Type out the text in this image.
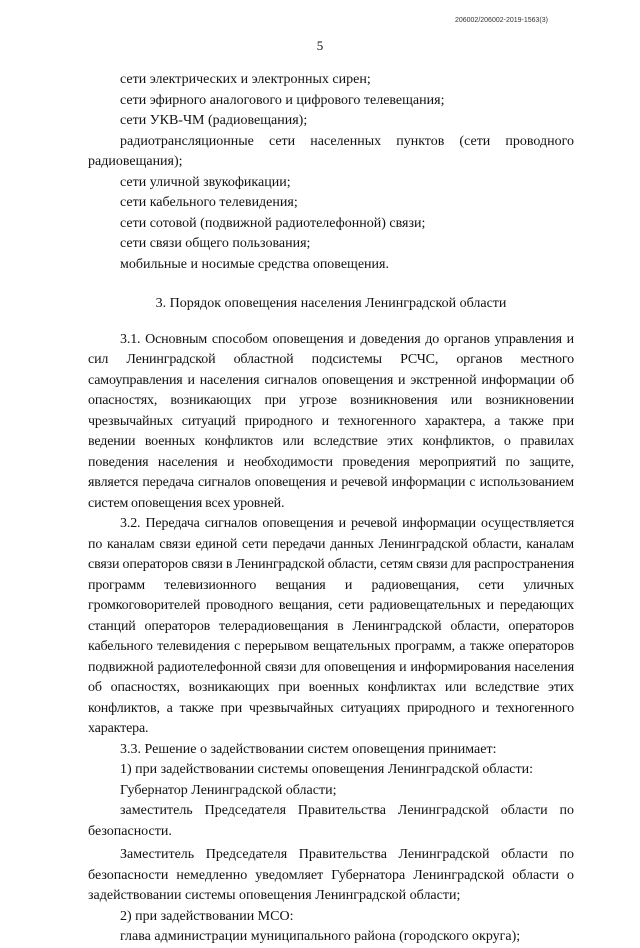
206002/206002-2019-1563(3)
5

сети электрических и электронных сирен;

сети эфирного аналогового и цифрового телевещания;

сети УКВ-ЧМ (радиовещания);

радиотрансляционные сети населенных пунктов (сети проводного радиовещания);

сети уличной звукофикации;

сети кабельного телевидения;

сети сотовой (подвижной радиотелефонной) связи;

сети связи общего пользования;

мобильные и носимые средства оповещения.

3. Порядок оповещения населения Ленинградской области

3.1. Основным способом оповещения и доведения до органов управления и сил Ленинградской областной подсистемы РСЧС, органов местного самоуправления и населения сигналов оповещения и экстренной информации об опасностях, возникающих при угрозе возникновения или возникновении чрезвычайных ситуаций природного и техногенного характера, а также при ведении военных конфликтов или вследствие этих конфликтов, о правилах поведения населения и необходимости проведения мероприятий по защите, является передача сигналов оповещения и речевой информации с использованием систем оповещения всех уровней.

3.2. Передача сигналов оповещения и речевой информации осуществляется по каналам связи единой сети передачи данных Ленинградской области, каналам связи операторов связи в Ленинградской области, сетям связи для распространения программ телевизионного вещания и радиовещания, сети уличных громкоговорителей проводного вещания, сети радиовещательных и передающих станций операторов телерадиовещания в Ленинградской области, операторов кабельного телевидения с перерывом вещательных программ, а также операторов подвижной радиотелефонной связи для оповещения и информирования населения об опасностях, возникающих при военных конфликтах или вследствие этих конфликтов, а также при чрезвычайных ситуациях природного и техногенного характера.

3.3. Решение о задействовании систем оповещения принимает:

1) при задействовании системы оповещения Ленинградской области:

Губернатор Ленинградской области;

заместитель Председателя Правительства Ленинградской области по безопасности.

Заместитель Председателя Правительства Ленинградской области по безопасности немедленно уведомляет Губернатора Ленинградской области о задействовании системы оповещения Ленинградской области;

2) при задействовании МСО:

глава администрации муниципального района (городского округа);
